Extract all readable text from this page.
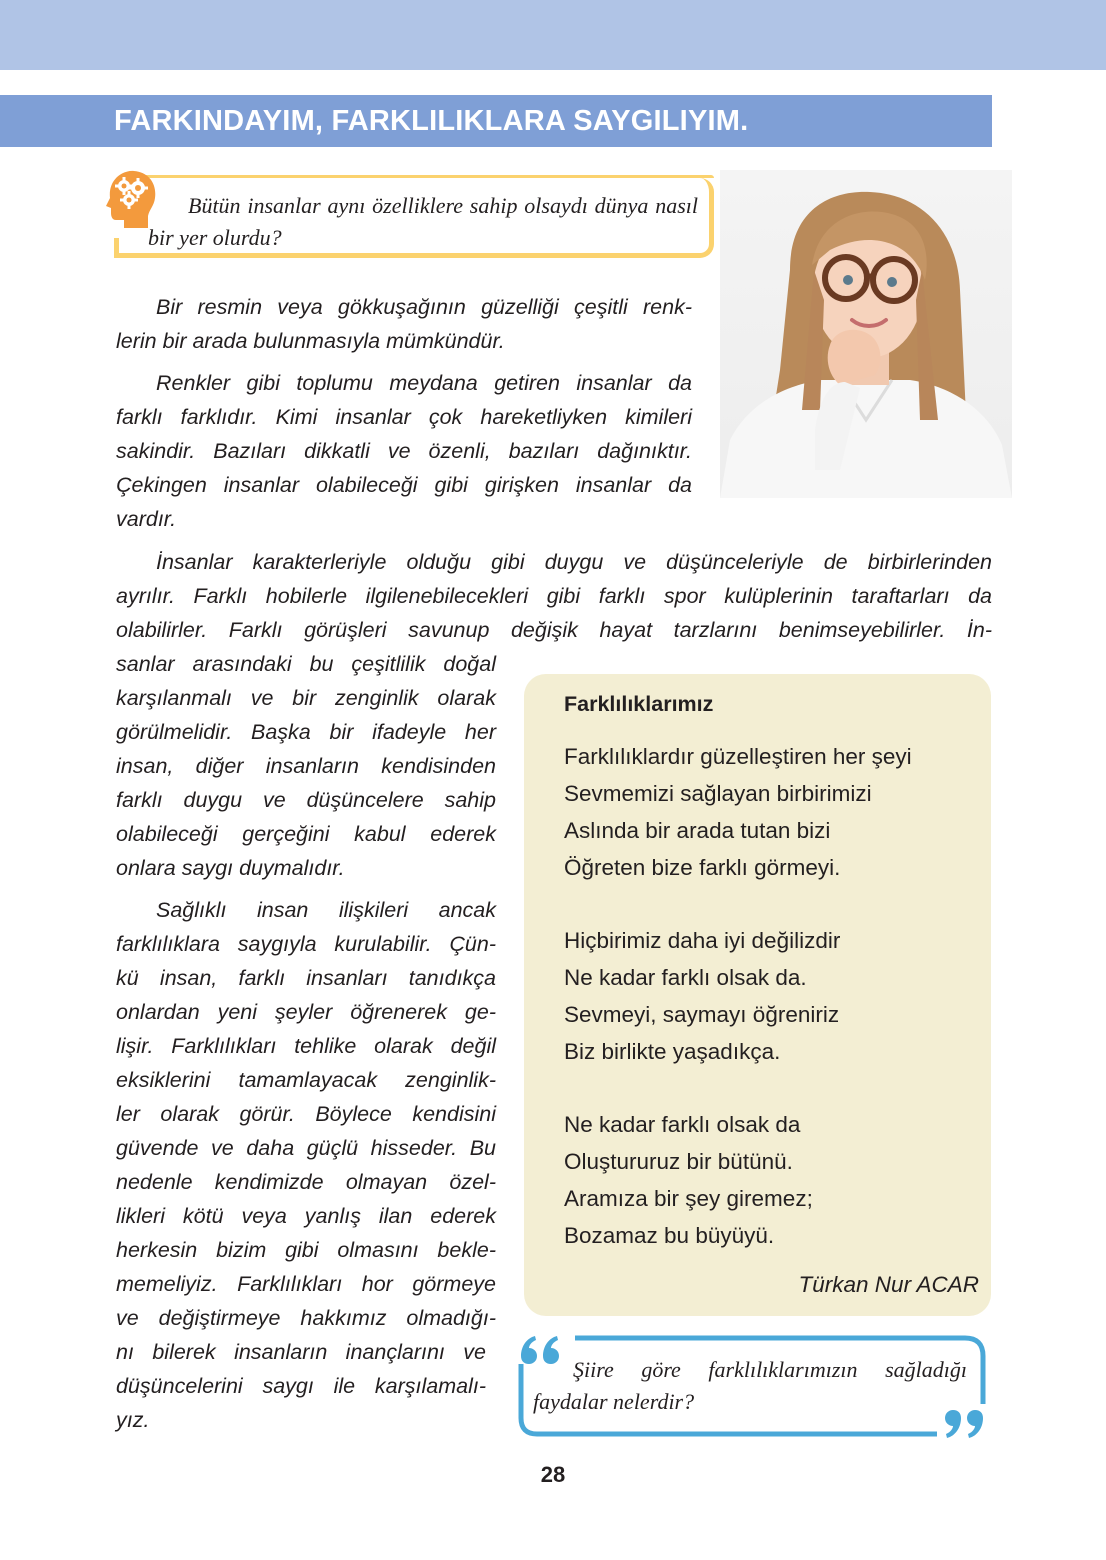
FARKINDAYIM, FARKLILIKLARA SAYGILIYIM.
Bütün insanlar aynı özelliklere sahip olsaydı dünya nasıl bir yer olurdu?
Bir resmin veya gökkuşağının güzelliği çeşitli renk-
lerin bir arada bulunmasıyla mümkündür.
Renkler gibi toplumu meydana getiren insanlar da
farklı farklıdır. Kimi insanlar çok hareketliyken kimileri
sakindir. Bazıları dikkatli ve özenli, bazıları dağınıktır.
Çekingen insanlar olabileceği gibi girişken insanlar da
vardır.
İnsanlar karakterleriyle olduğu gibi duygu ve düşünceleriyle de birbirlerinden
ayrılır. Farklı hobilerle ilgilenebilecekleri gibi farklı spor kulüplerinin taraftarları da
olabilirler. Farklı görüşleri savunup değişik hayat tarzlarını benimseyebilirler. İn-
sanlar arasındaki bu çeşitlilik doğal
karşılanmalı ve bir zenginlik olarak
görülmelidir. Başka bir ifadeyle her
insan, diğer insanların kendisinden
farklı duygu ve düşüncelere sahip
olabileceği gerçeğini kabul ederek
onlara saygı duymalıdır.
Sağlıklı insan ilişkileri ancak
farklılıklara saygıyla kurulabilir. Çün-
kü insan, farklı insanları tanıdıkça
onlardan yeni şeyler öğrenerek ge-
lişir. Farklılıkları tehlike olarak değil
eksiklerini tamamlayacak zenginlik-
ler olarak görür. Böylece kendisini
güvende ve daha güçlü hisseder. Bu
nedenle kendimizde olmayan özel-
likleri kötü veya yanlış ilan ederek
herkesin bizim gibi olmasını bekle-
memeliyiz. Farklılıkları hor görmeye
ve değiştirmeye hakkımız olmadığı-
nı bilerek insanların inançlarını ve
düşüncelerini saygı ile karşılamalı-
yız.
Farklılıklarımız
Farklılıklardır güzelleştiren her şeyi
Sevmemizi sağlayan birbirimizi
Aslında bir arada tutan bizi
Öğreten bize farklı görmeyi.
Hiçbirimiz daha iyi değilizdir
Ne kadar farklı olsak da.
Sevmeyi, saymayı öğreniriz
Biz birlikte yaşadıkça.
Ne kadar farklı olsak da
Oluştururuz bir bütünü.
Aramıza bir şey giremez;
Bozamaz bu büyüyü.
Türkan Nur ACAR
Şiire göre farklılıklarımızın sağladığı faydalar nelerdir?
28
